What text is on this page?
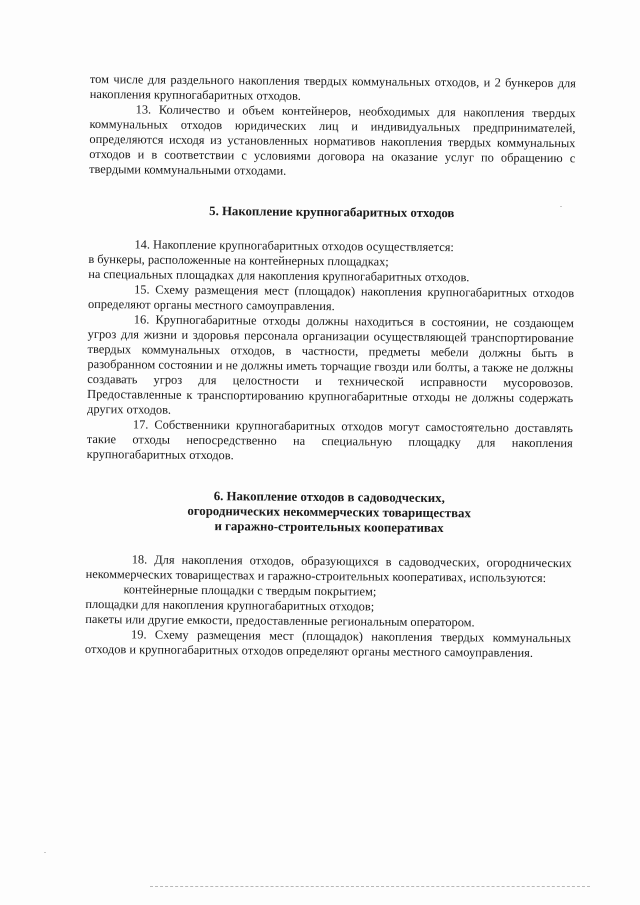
том числе для раздельного накопления твердых коммунальных отходов, и 2 бункеров для накопления крупногабаритных отходов.

13. Количество и объем контейнеров, необходимых для накопления твердых коммунальных отходов юридических лиц и индивидуальных предпринимателей, определяются исходя из установленных нормативов накопления твердых коммунальных отходов и в соответствии с условиями договора на оказание услуг по обращению с твердыми коммунальными отходами.

5. Накопление крупногабаритных отходов

14. Накопление крупногабаритных отходов осуществляется:

в бункеры, расположенные на контейнерных площадках;

на специальных площадках для накопления крупногабаритных отходов.

15. Схему размещения мест (площадок) накопления крупногабаритных отходов определяют органы местного самоуправления.

16. Крупногабаритные отходы должны находиться в состоянии, не создающем угроз для жизни и здоровья персонала организации осуществляющей транспортирование твердых коммунальных отходов, в частности, предметы мебели должны быть в разобранном состоянии и не должны иметь торчащие гвозди или болты, а также не должны создавать угроз для целостности и технической исправности мусоровозов. Предоставленные к транспортированию крупногабаритные отходы не должны содержать других отходов.

17. Собственники крупногабаритных отходов могут самостоятельно доставлять такие отходы непосредственно на специальную площадку для накопления крупногабаритных отходов.

6. Накопление отходов в садоводческих,

огороднических некоммерческих товариществах

и гаражно-строительных кооперативах

18. Для накопления отходов, образующихся в садоводческих, огороднических некоммерческих товариществах и гаражно-строительных кооперативах, используются:

контейнерные площадки с твердым покрытием;

площадки для накопления крупногабаритных отходов;

пакеты или другие емкости, предоставленные региональным оператором.

19. Схему размещения мест (площадок) накопления твердых коммунальных отходов и крупногабаритных отходов определяют органы местного самоуправления.
